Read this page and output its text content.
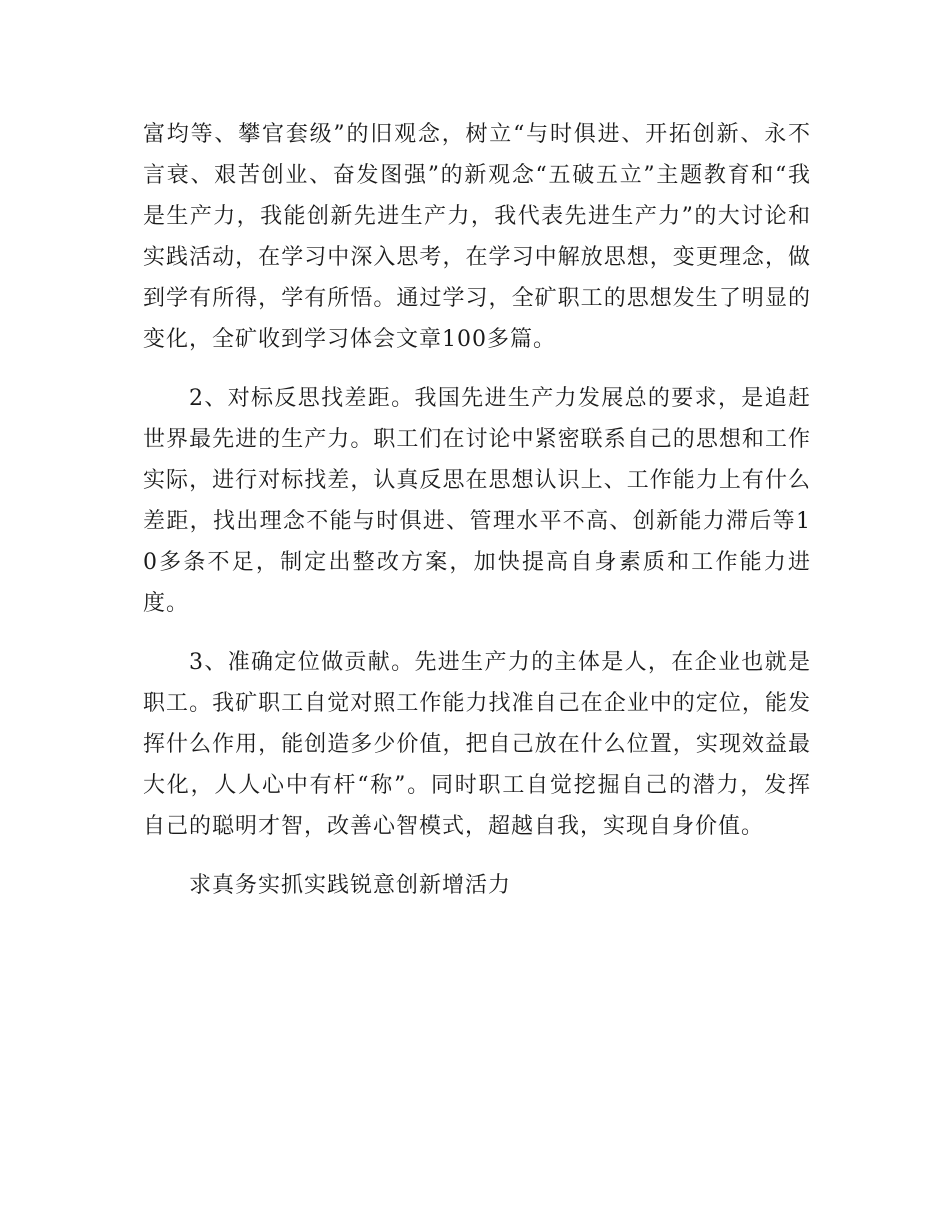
富均等、攀官套级”的旧观念，树立“与时俱进、开拓创新、永不言衰、艰苦创业、奋发图强”的新观念“五破五立”主题教育和“我是生产力，我能创新先进生产力，我代表先进生产力”的大讨论和实践活动，在学习中深入思考，在学习中解放思想，变更理念，做到学有所得，学有所悟。通过学习，全矿职工的思想发生了明显的变化，全矿收到学习体会文章100多篇。

2、对标反思找差距。我国先进生产力发展总的要求，是追赶世界最先进的生产力。职工们在讨论中紧密联系自己的思想和工作实际，进行对标找差，认真反思在思想认识上、工作能力上有什么差距，找出理念不能与时俱进、管理水平不高、创新能力滞后等10多条不足，制定出整改方案，加快提高自身素质和工作能力进度。

3、准确定位做贡献。先进生产力的主体是人，在企业也就是职工。我矿职工自觉对照工作能力找准自己在企业中的定位，能发挥什么作用，能创造多少价值，把自己放在什么位置，实现效益最大化，人人心中有杆“称”。同时职工自觉挖掘自己的潜力，发挥自己的聪明才智，改善心智模式，超越自我，实现自身价值。

求真务实抓实践锐意创新增活力
